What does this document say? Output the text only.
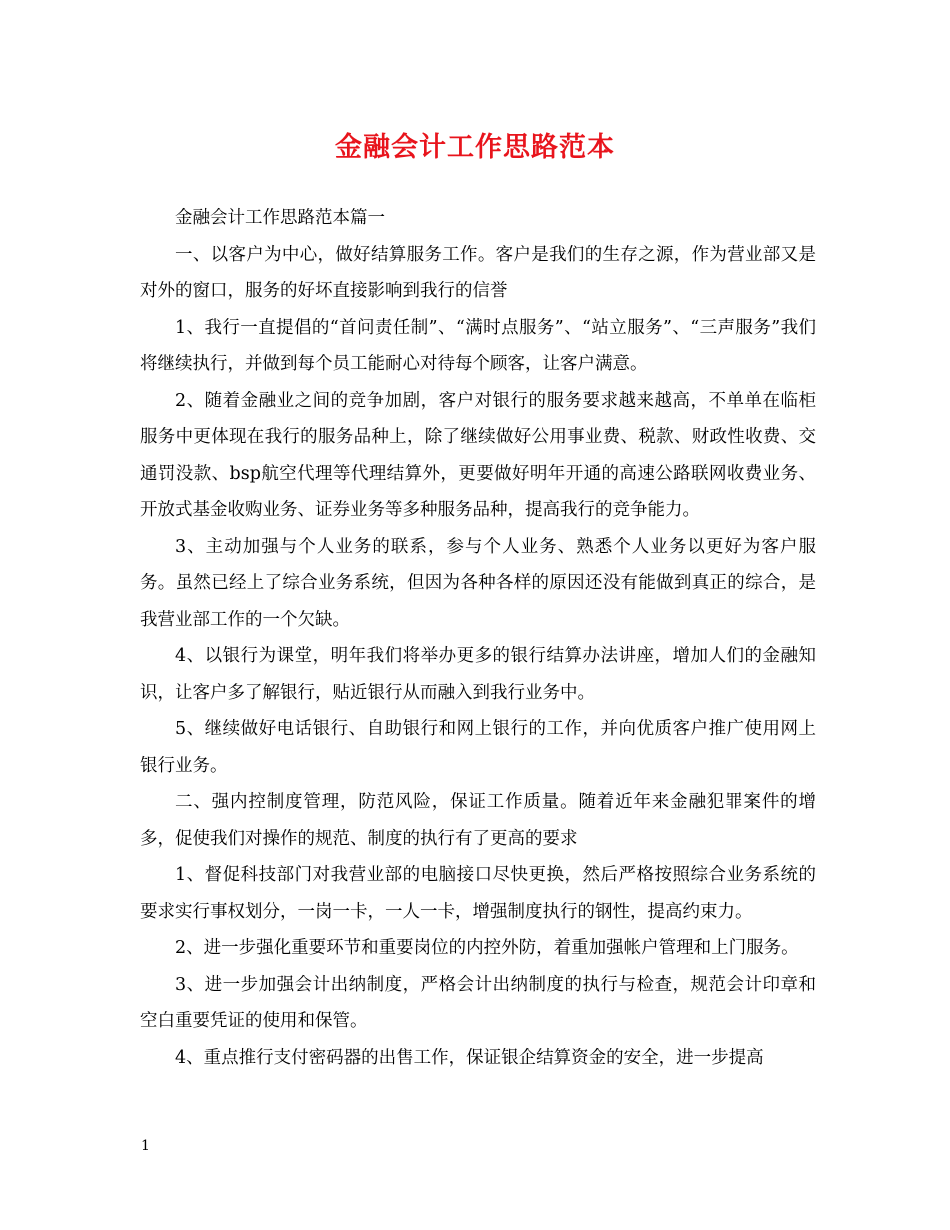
金融会计工作思路范本

金融会计工作思路范本篇一

一、以客户为中心，做好结算服务工作。客户是我们的生存之源，作为营业部又是对外的窗口，服务的好坏直接影响到我行的信誉

1、我行一直提倡的“首问责任制”、“满时点服务”、“站立服务”、“三声服务”我们将继续执行，并做到每个员工能耐心对待每个顾客，让客户满意。

2、随着金融业之间的竞争加剧，客户对银行的服务要求越来越高，不单单在临柜服务中更体现在我行的服务品种上，除了继续做好公用事业费、税款、财政性收费、交通罚没款、bsp航空代理等代理结算外，更要做好明年开通的高速公路联网收费业务、开放式基金收购业务、证券业务等多种服务品种，提高我行的竞争能力。

3、主动加强与个人业务的联系，参与个人业务、熟悉个人业务以更好为客户服务。虽然已经上了综合业务系统，但因为各种各样的原因还没有能做到真正的综合，是我营业部工作的一个欠缺。

4、以银行为课堂，明年我们将举办更多的银行结算办法讲座，增加人们的金融知识，让客户多了解银行，贴近银行从而融入到我行业务中。

5、继续做好电话银行、自助银行和网上银行的工作，并向优质客户推广使用网上银行业务。

二、强内控制度管理，防范风险，保证工作质量。随着近年来金融犯罪案件的增多，促使我们对操作的规范、制度的执行有了更高的要求

1、督促科技部门对我营业部的电脑接口尽快更换，然后严格按照综合业务系统的要求实行事权划分，一岗一卡，一人一卡，增强制度执行的钢性，提高约束力。

2、进一步强化重要环节和重要岗位的内控外防，着重加强帐户管理和上门服务。

3、进一步加强会计出纳制度，严格会计出纳制度的执行与检查，规范会计印章和空白重要凭证的使用和保管。

4、重点推行支付密码器的出售工作，保证银企结算资金的安全，进一步提高

1
